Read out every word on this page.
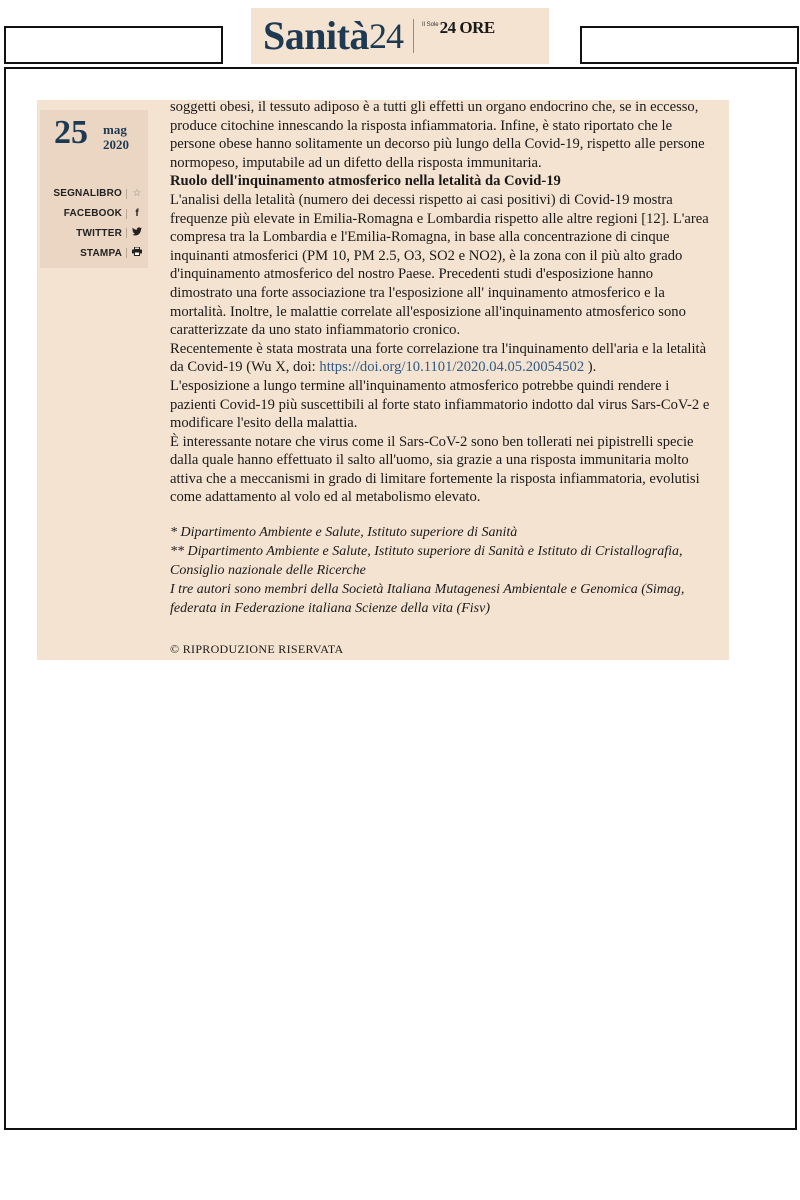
Sanità 24	Il Sole 24 ORE
25 mag
2020
SEGNALIBRO ☆
FACEBOOK	f
TWITTER
STAMPA

soggetti obesi, il tessuto adiposo è a tutti gli effetti un organo endocrino che, se in eccesso, produce citochine innescando la risposta infiammatoria. Infine, è stato riportato che le persone obese hanno solitamente un decorso più lungo della Covid-19, rispetto alle persone normopeso, imputabile ad un difetto della risposta immunitaria.

Ruolo dell'inquinamento atmosferico nella letalità da Covid-19

L'analisi della letalità (numero dei decessi rispetto ai casi positivi) di Covid-19 mostra frequenze più elevate in Emilia-Romagna e Lombardia rispetto alle altre regioni [12]. L'area compresa tra la Lombardia e l'Emilia-Romagna, in base alla concentrazione di cinque inquinanti atmosferici (PM 10, PM 2.5, O3, SO2 e NO2), è la zona con il più alto grado d'inquinamento atmosferico del nostro Paese. Precedenti studi d'esposizione hanno dimostrato una forte associazione tra l'esposizione all' inquinamento atmosferico e la mortalità. Inoltre, le malattie correlate all'esposizione all'inquinamento atmosferico sono caratterizzate da uno stato infiammatorio cronico.

Recentemente è stata mostrata una forte correlazione tra l'inquinamento dell'aria e la letalità da Covid-19 (Wu X, doi: https://doi.org/10.1101/2020.04.05.20054502 ).

L'esposizione a lungo termine all'inquinamento atmosferico potrebbe quindi rendere i pazienti Covid-19 più suscettibili al forte stato infiammatorio indotto dal virus Sars-CoV-2 e modificare l'esito della malattia.

È interessante notare che virus come il Sars-CoV-2 sono ben tollerati nei pipistrelli specie dalla quale hanno effettuato il salto all'uomo, sia grazie a una risposta immunitaria molto attiva che a meccanismi in grado di limitare fortemente la risposta infiammatoria, evolutisi come adattamento al volo ed al metabolismo elevato.

* Dipartimento Ambiente e Salute, Istituto superiore di Sanità
** Dipartimento Ambiente e Salute, Istituto superiore di Sanità e Istituto di Cristallografia, Consiglio nazionale delle Ricerche
I tre autori sono membri della Società Italiana Mutagenesi Ambientale e Genomica (Simag, federata in Federazione italiana Scienze della vita (Fisv)
© RIPRODUZIONE RISERVATA
